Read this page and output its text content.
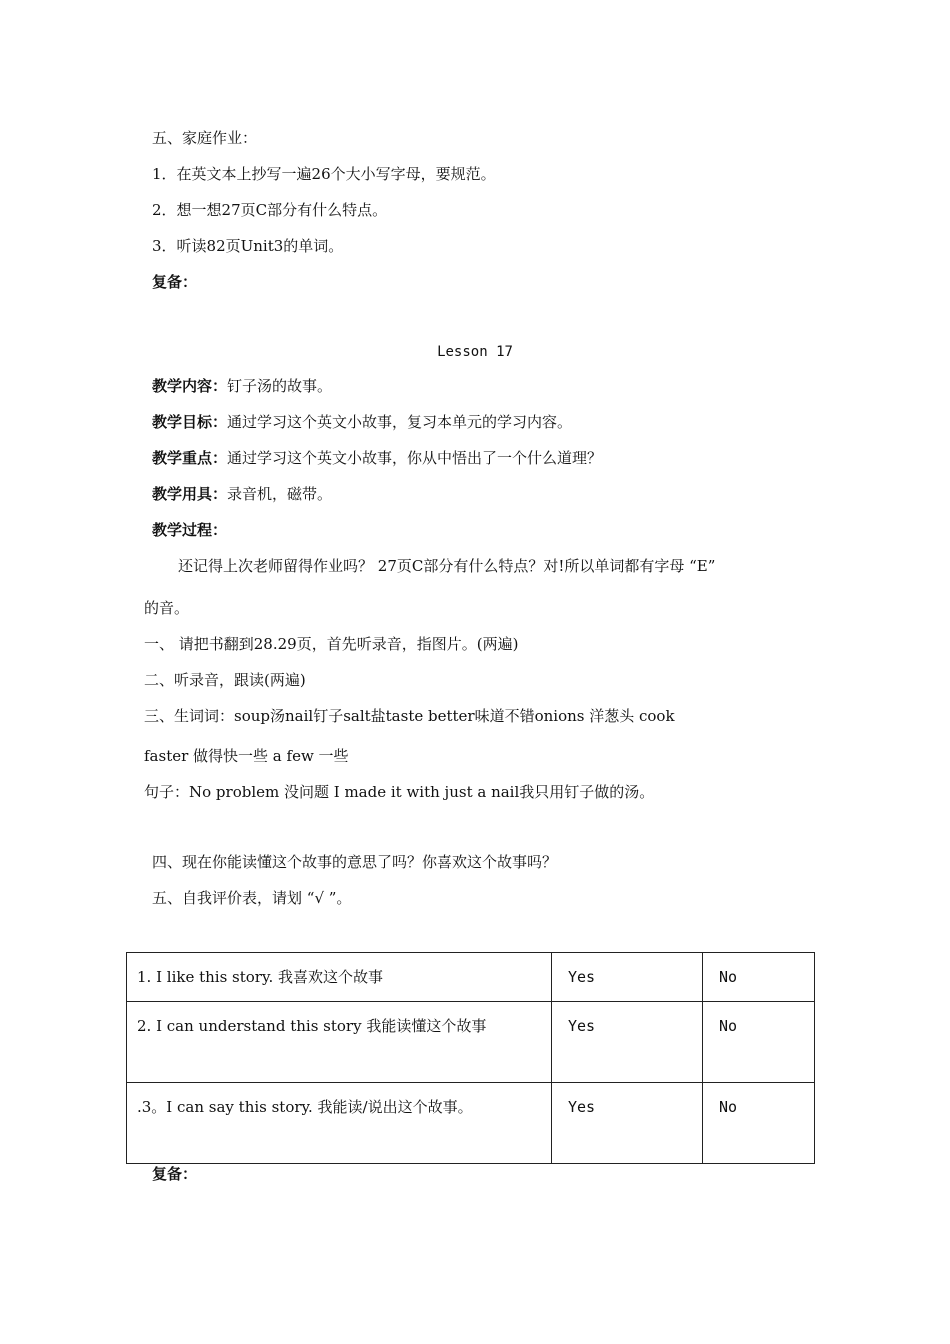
五、家庭作业：
1．在英文本上抄写一遍26个大小写字母，要规范。
2．想一想27页C部分有什么特点。
3．听读82页Unit3的单词。
复备：
Lesson 17
教学内容：钉子汤的故事。
教学目标：通过学习这个英文小故事，复习本单元的学习内容。
教学重点：通过学习这个英文小故事，你从中悟出了一个什么道理？
教学用具：录音机，磁带。
教学过程：
还记得上次老师留得作业吗？ 27页C部分有什么特点？对!所以单词都有字母 “E”
的音。
一、 请把书翻到28.29页，首先听录音，指图片。(两遍)
二、听录音，跟读(两遍)
三、生词词：soup汤nail钉子salt盐taste better味道不错onions 洋葱头 cook
faster 做得快一些 a few 一些
句子：No problem 没问题 I made it with just a nail我只用钉子做的汤。
四、现在你能读懂这个故事的意思了吗？你喜欢这个故事吗？
五、自我评价表，请划 “√ ”。
1. I like this story. 我喜欢这个故事	Yes	No
2. I can understand this story 我能读懂这个故事	Yes	No
.3。I can say this story. 我能读/说出这个故事。	Yes	No
复备：
